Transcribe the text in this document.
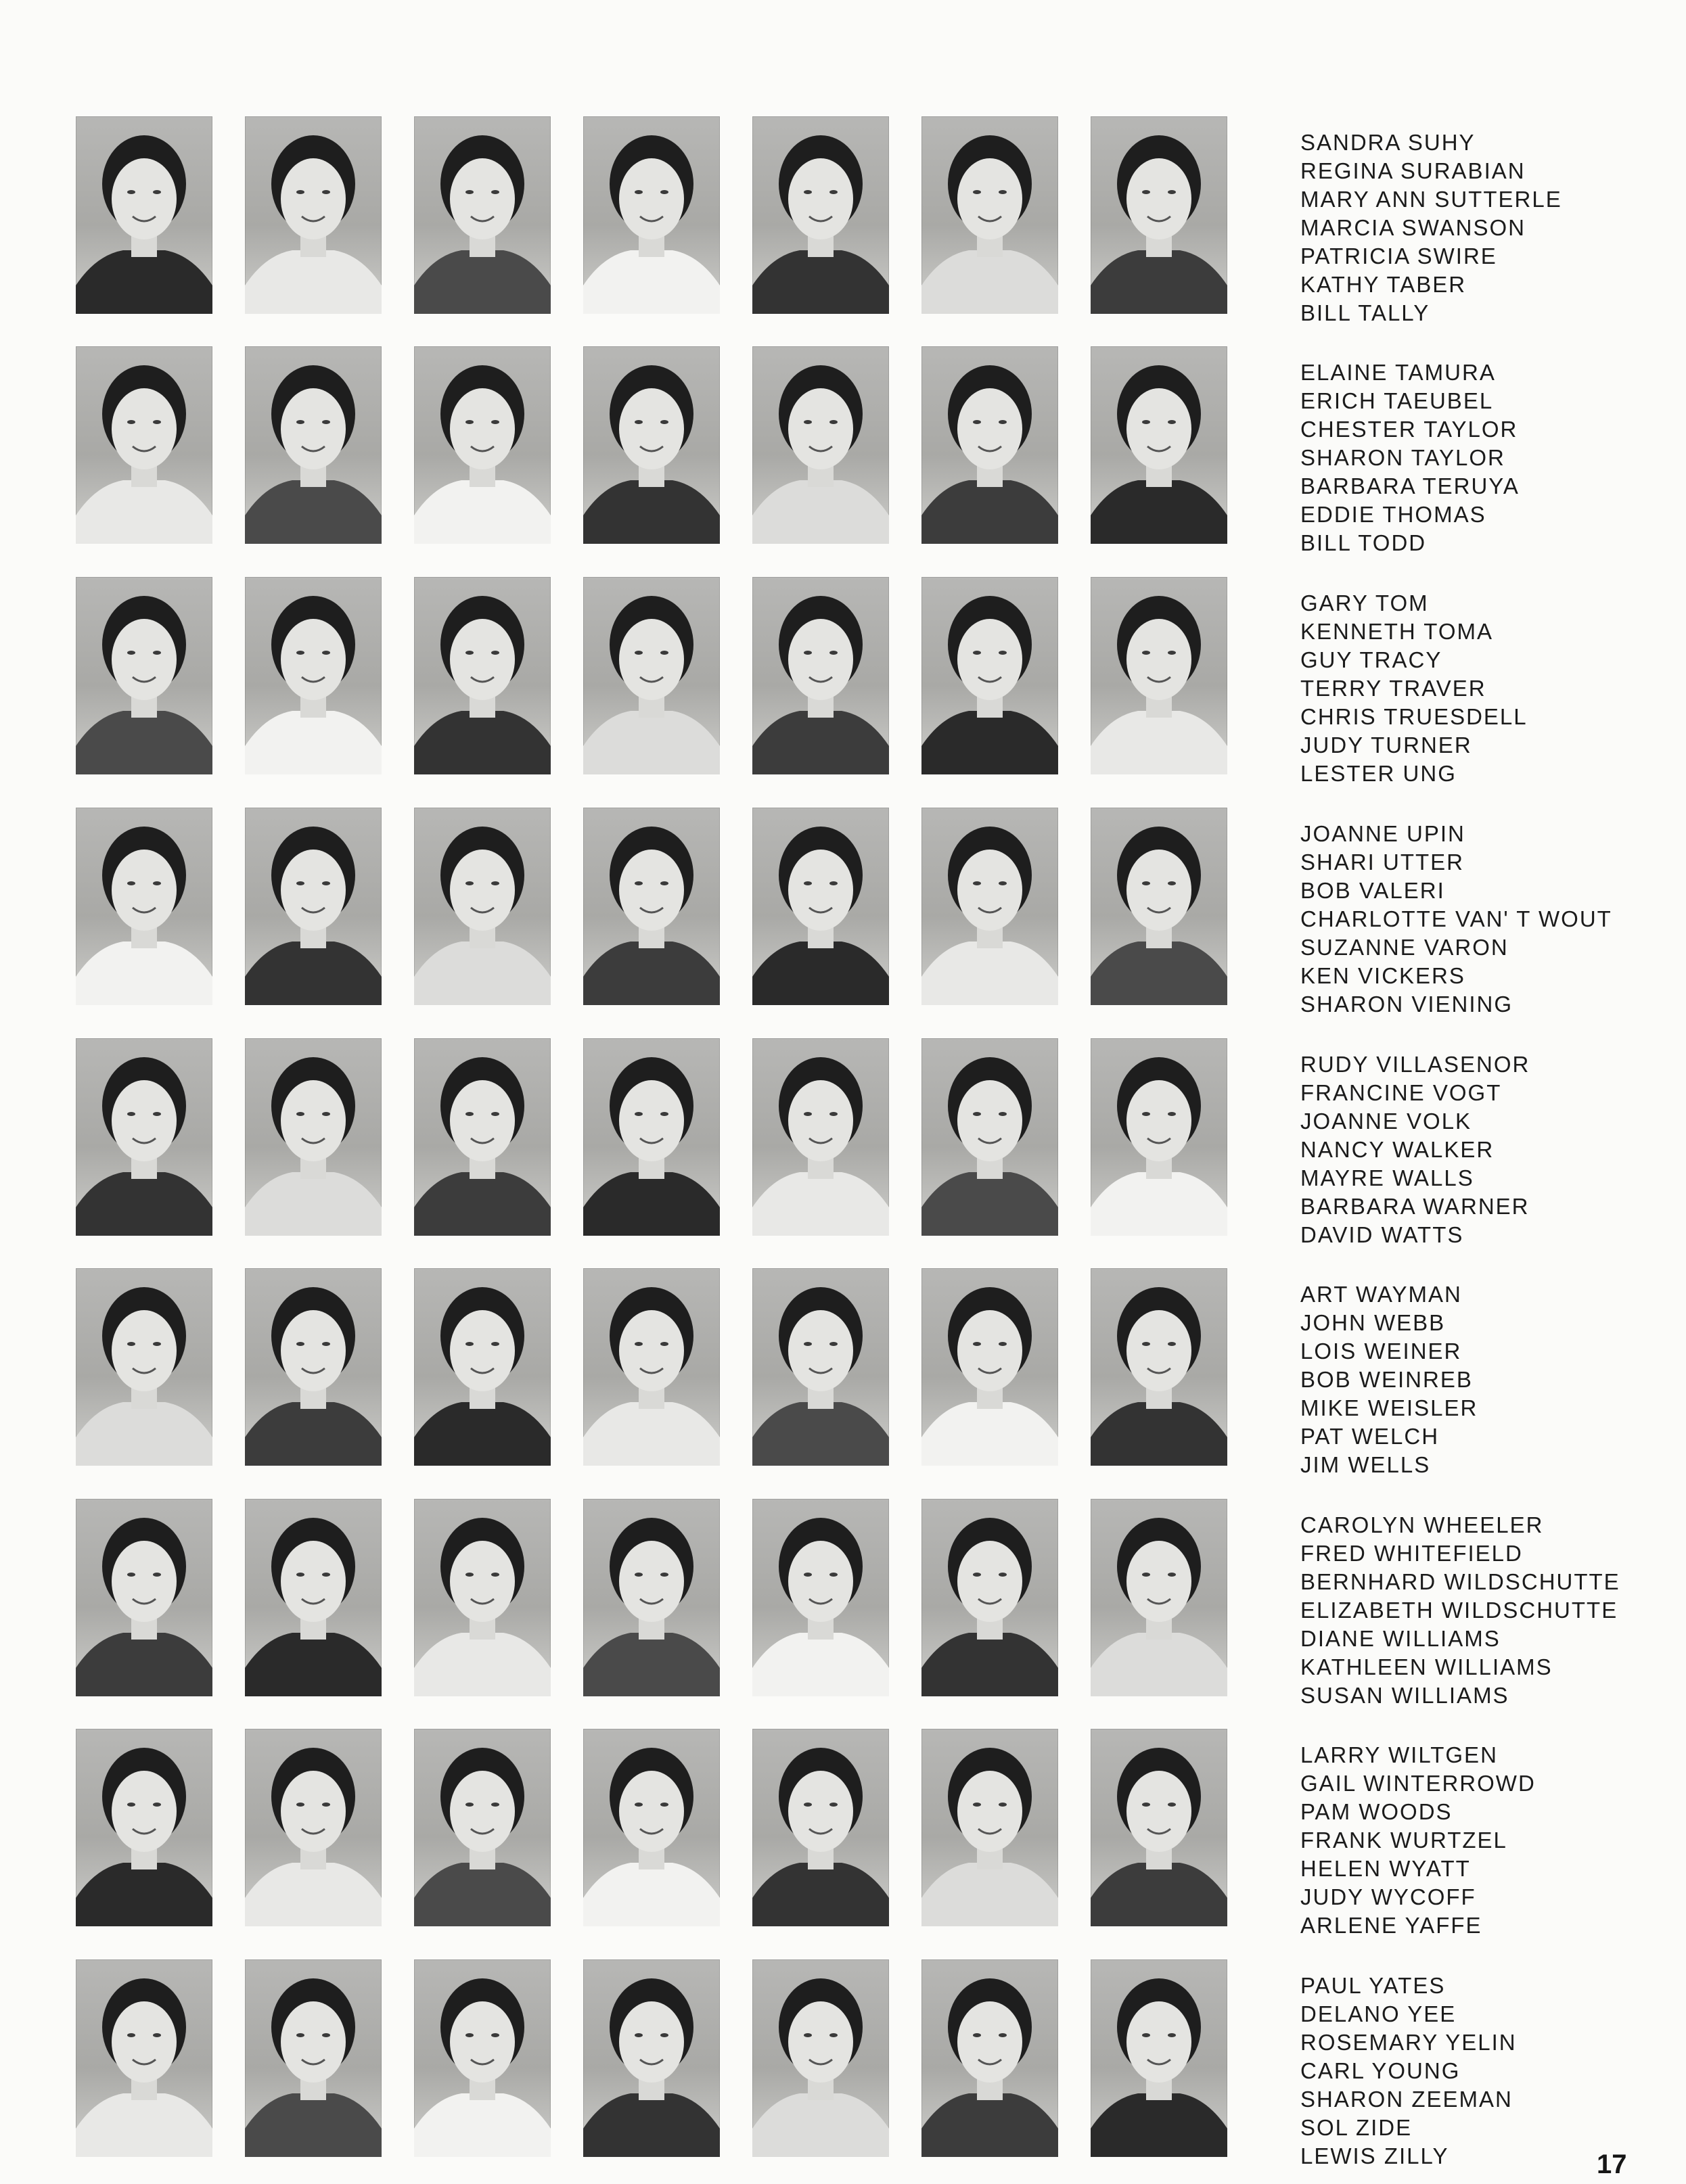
SANDRA SUHY
REGINA SURABIAN
MARY ANN SUTTERLE
MARCIA SWANSON
PATRICIA SWIRE
KATHY TABER
BILL TALLY
ELAINE TAMURA
ERICH TAEUBEL
CHESTER TAYLOR
SHARON TAYLOR
BARBARA TERUYA
EDDIE THOMAS
BILL TODD
GARY TOM
KENNETH TOMA
GUY TRACY
TERRY TRAVER
CHRIS TRUESDELL
JUDY TURNER
LESTER UNG
JOANNE UPIN
SHARI UTTER
BOB VALERI
CHARLOTTE VAN' T WOUT
SUZANNE VARON
KEN VICKERS
SHARON VIENING
RUDY VILLASENOR
FRANCINE VOGT
JOANNE VOLK
NANCY WALKER
MAYRE WALLS
BARBARA WARNER
DAVID WATTS
ART WAYMAN
JOHN WEBB
LOIS WEINER
BOB WEINREB
MIKE WEISLER
PAT WELCH
JIM WELLS
CAROLYN WHEELER
FRED WHITEFIELD
BERNHARD WILDSCHUTTE
ELIZABETH WILDSCHUTTE
DIANE WILLIAMS
KATHLEEN WILLIAMS
SUSAN WILLIAMS
LARRY WILTGEN
GAIL WINTERROWD
PAM WOODS
FRANK WURTZEL
HELEN WYATT
JUDY WYCOFF
ARLENE YAFFE
PAUL YATES
DELANO YEE
ROSEMARY YELIN
CARL YOUNG
SHARON ZEEMAN
SOL ZIDE
LEWIS ZILLY	17
